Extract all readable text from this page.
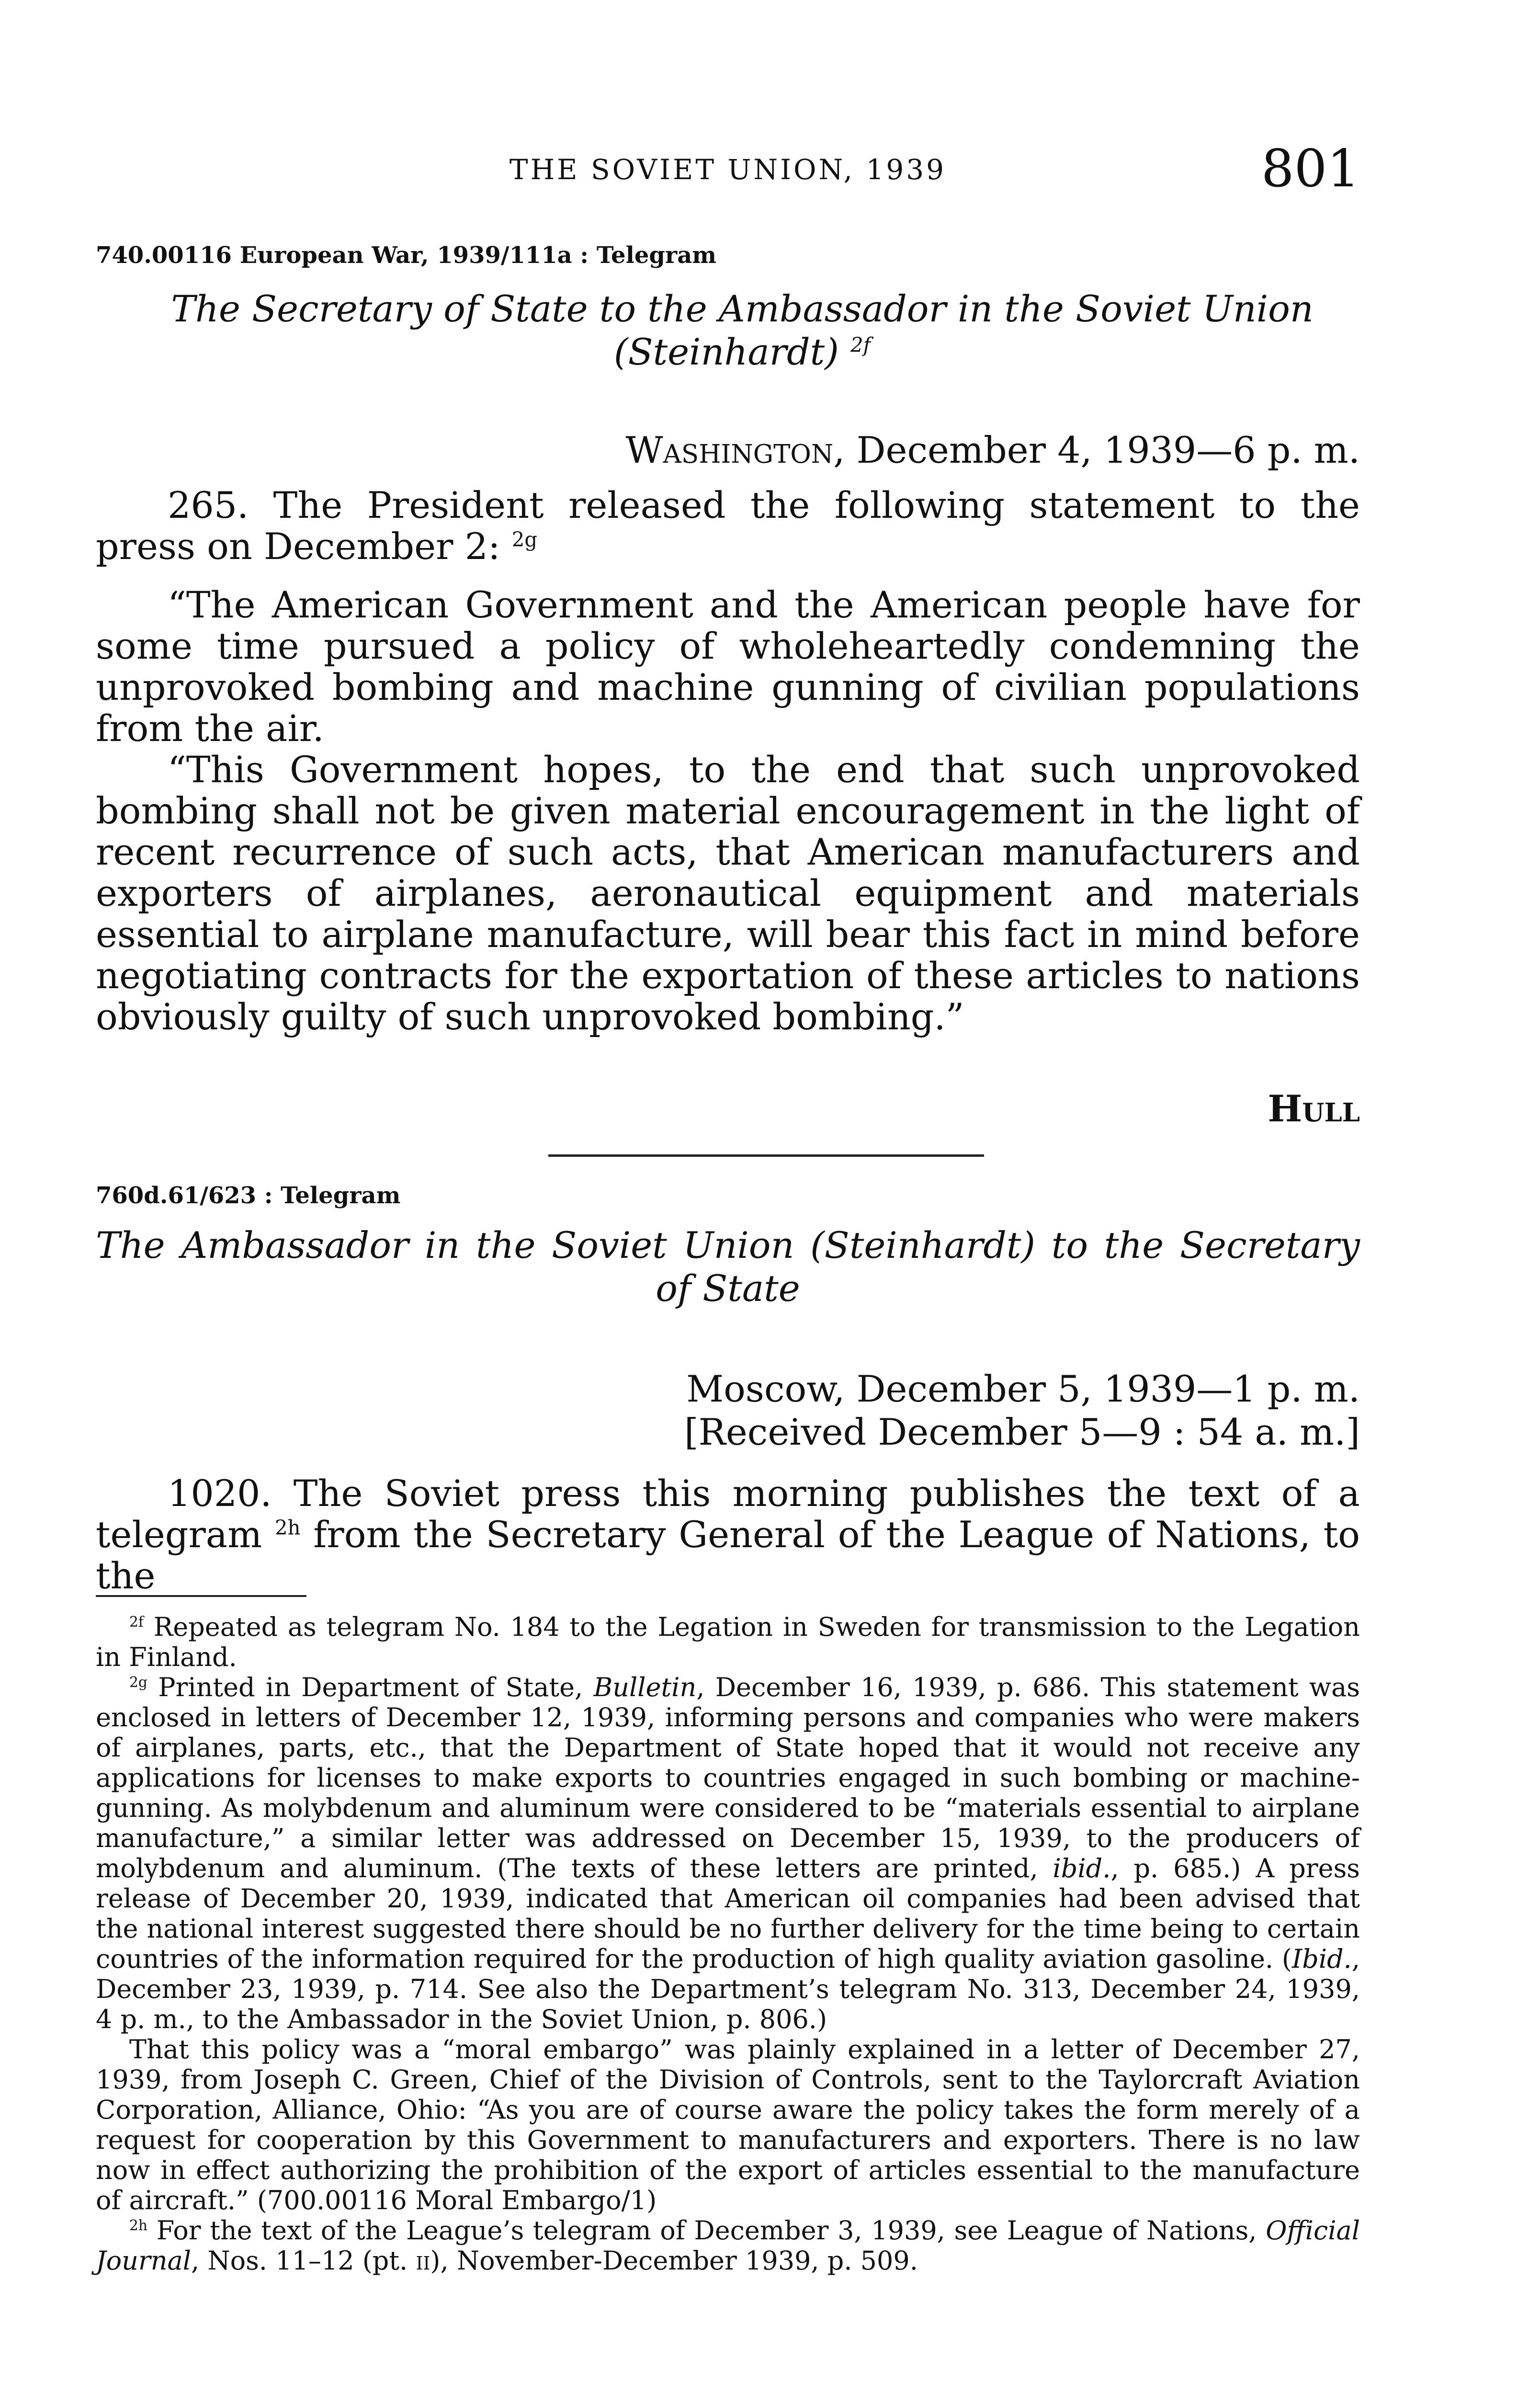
THE SOVIET UNION, 1939	801
740.00116 European War, 1939/111a : Telegram
The Secretary of State to the Ambassador in the Soviet Union
(Steinhardt) $^{2f}$
Washington, December 4, 1939—6 p. m.

265. The President released the following statement to the press on December 2: $^{2g}$

“The American Government and the American people have for some time pursued a policy of wholeheartedly condemning the unprovoked bombing and machine gunning of civilian populations from the air.

“This Government hopes, to the end that such unprovoked bombing shall not be given material encouragement in the light of recent recurrence of such acts, that American manufacturers and exporters of airplanes, aeronautical equipment and materials essential to airplane manufacture, will bear this fact in mind before negotiating contracts for the exportation of these articles to nations obviously guilty of such unprovoked bombing.”

Hull
760d.61/623 : Telegram
The Ambassador in the Soviet Union (Steinhardt) to the Secretary
of State
Moscow, December 5, 1939—1 p. m.
[Received December 5—9 : 54 a. m.]

1020. The Soviet press this morning publishes the text of a telegram $^{2h}$ from the Secretary General of the League of Nations, to the

$^{2f}$ Repeated as telegram No. 184 to the Legation in Sweden for transmission to the Legation in Finland.

$^{2g}$ Printed in Department of State, Bulletin, December 16, 1939, p. 686. This statement was enclosed in letters of December 12, 1939, informing persons and companies who were makers of airplanes, parts, etc., that the Department of State hoped that it would not receive any applications for licenses to make exports to countries engaged in such bombing or machine-gunning. As molybdenum and aluminum were considered to be “materials essential to airplane manufacture,” a similar letter was addressed on December 15, 1939, to the producers of molybdenum and aluminum. (The texts of these letters are printed, ibid., p. 685.) A press release of December 20, 1939, indicated that American oil companies had been advised that the national interest suggested there should be no further delivery for the time being to certain countries of the information required for the production of high quality aviation gasoline. (Ibid., December 23, 1939, p. 714. See also the Department’s telegram No. 313, December 24, 1939, 4 p. m., to the Ambassador in the Soviet Union, p. 806.)

That this policy was a “moral embargo” was plainly explained in a letter of December 27, 1939, from Joseph C. Green, Chief of the Division of Controls, sent to the Taylorcraft Aviation Corporation, Alliance, Ohio: “As you are of course aware the policy takes the form merely of a request for cooperation by this Government to manufacturers and exporters. There is no law now in effect authorizing the prohibition of the export of articles essential to the manufacture of aircraft.” (700.00116 Moral Embargo/1)

$^{2h}$ For the text of the League’s telegram of December 3, 1939, see League of Nations, Official Journal, Nos. 11–12 (pt. ii), November-December 1939, p. 509.
